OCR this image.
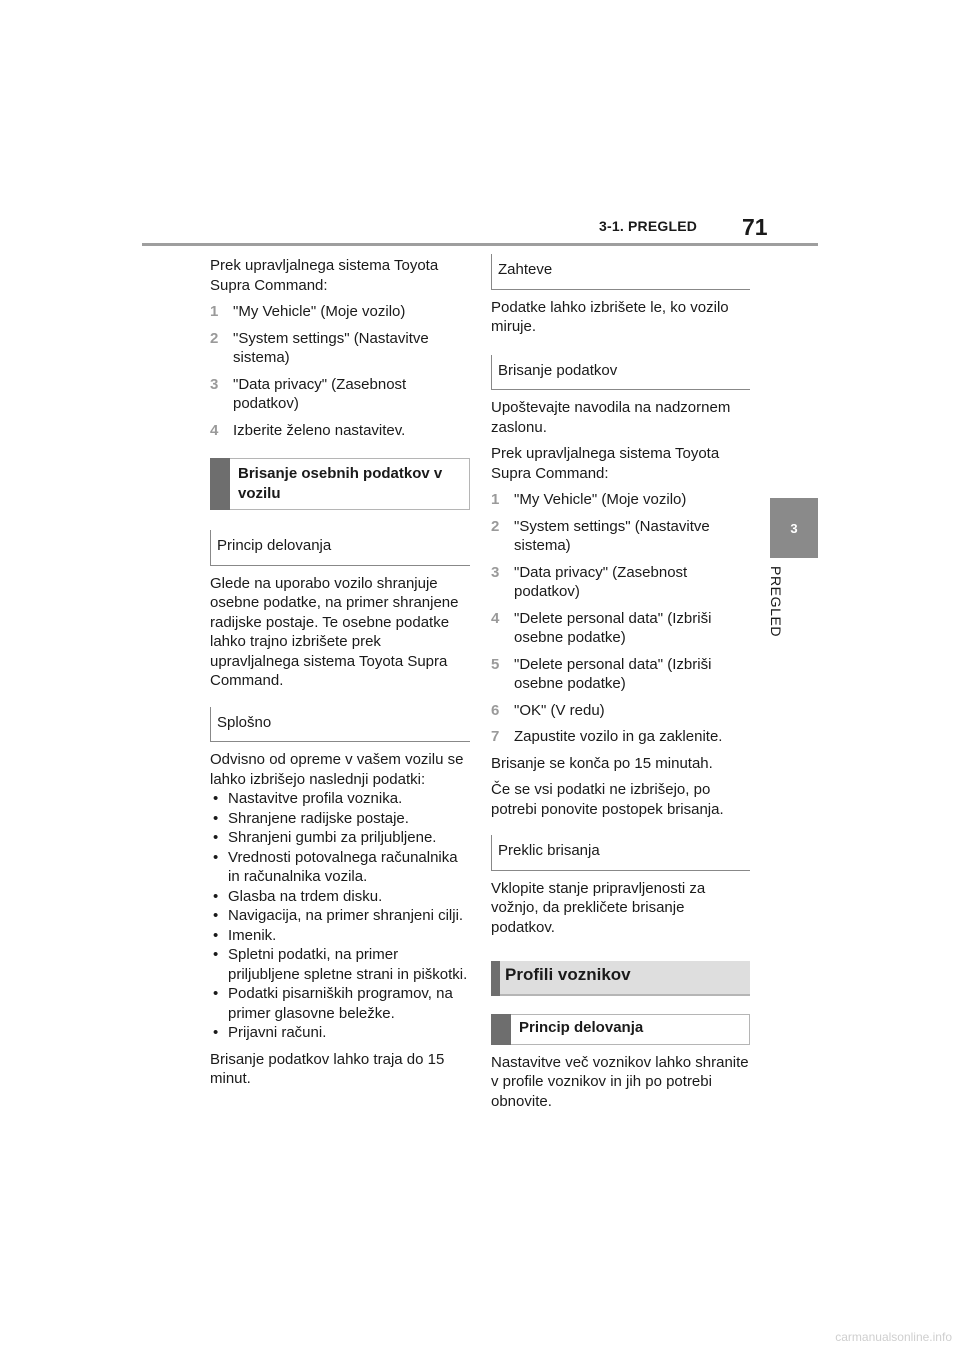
3-1. PREGLED 71
3
PREGLED

Prek upravljalnega sistema Toyota Supra Command:

1 "My Vehicle" (Moje vozilo)
2 "System settings" (Nastavitve sistema)
3 "Data privacy" (Zasebnost podatkov)
4 Izberite želeno nastavitev.
Brisanje osebnih podatkov v vozilu
Princip delovanja

Glede na uporabo vozilo shranjuje osebne podatke, na primer shranjene radijske postaje. Te osebne podatke lahko trajno izbrišete prek upravljalnega sistema Toyota Supra Command.

Splošno

Odvisno od opreme v vašem vozilu se lahko izbrišejo naslednji podatki:

• Nastavitve profila voznika.
• Shranjene radijske postaje.
• Shranjeni gumbi za priljubljene.
• Vrednosti potovalnega računalnika in računalnika vozila.
• Glasba na trdem disku.
• Navigacija, na primer shranjeni cilji.
• Imenik.
• Spletni podatki, na primer priljubljene spletne strani in piškotki.
• Podatki pisarniških programov, na primer glasovne beležke.
• Prijavni računi.

Brisanje podatkov lahko traja do 15 minut.

Zahteve

Podatke lahko izbrišete le, ko vozilo miruje.

Brisanje podatkov

Upoštevajte navodila na nadzornem zaslonu.

Prek upravljalnega sistema Toyota Supra Command:

1 "My Vehicle" (Moje vozilo)
2 "System settings" (Nastavitve sistema)
3 "Data privacy" (Zasebnost podatkov)
4 "Delete personal data" (Izbriši osebne podatke)
5 "Delete personal data" (Izbriši osebne podatke)
6 "OK" (V redu)
7 Zapustite vozilo in ga zaklenite.

Brisanje se konča po 15 minutah.

Če se vsi podatki ne izbrišejo, po potrebi ponovite postopek brisanja.

Preklic brisanja

Vklopite stanje pripravljenosti za vožnjo, da prekličete brisanje podatkov.

Profili voznikov
Princip delovanja

Nastavitve več voznikov lahko shranite v profile voznikov in jih po potrebi obnovite.

carmanualsonline.info
